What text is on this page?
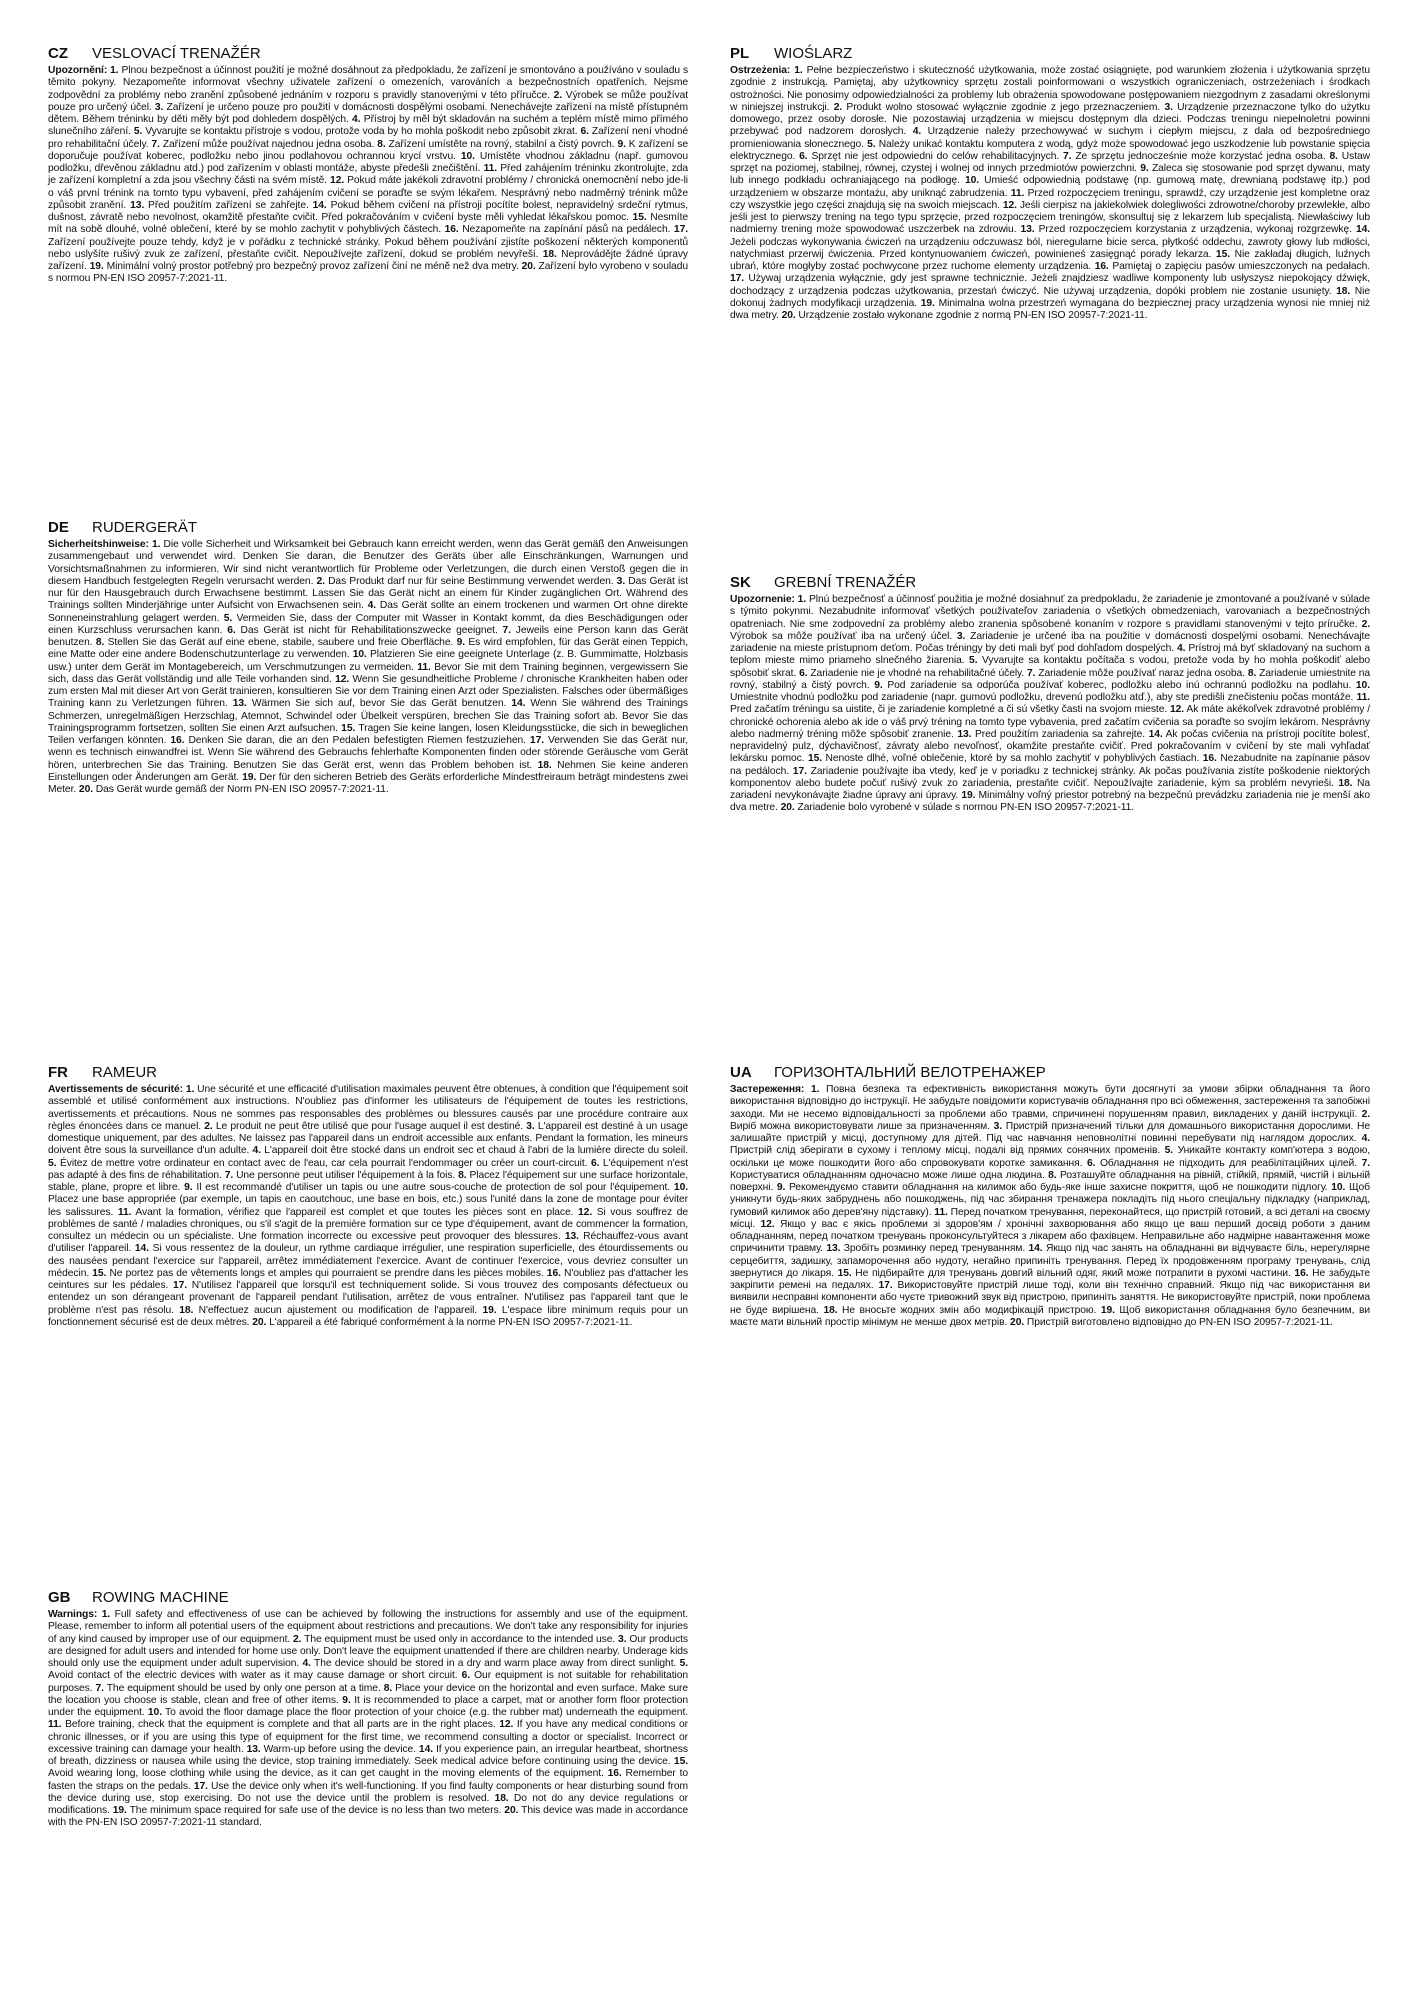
CZ VESLOVACÍ TRENAŽÉR

Upozornění: 1. Plnou bezpečnost a účinnost použití je možné dosáhnout za předpokladu, že zařízení je smontováno a používáno v souladu s těmito pokyny. Nezapomeňte informovat všechny uživatele zařízení o omezeních, varováních a bezpečnostních opatřeních. Nejsme zodpovědní za problémy nebo zranění způsobené jednáním v rozporu s pravidly stanovenými v této příručce. 2. Výrobek se může používat pouze pro určený účel. 3. Zařízení je určeno pouze pro použití v domácnosti dospělými osobami. Nenechávejte zařízení na místě přístupném dětem. Během tréninku by děti měly být pod dohledem dospělých. 4. Přístroj by měl být skladován na suchém a teplém místě mimo přímého slunečního záření. 5. Vyvarujte se kontaktu přístroje s vodou, protože voda by ho mohla poškodit nebo způsobit zkrat. 6. Zařízení není vhodné pro rehabilitační účely. 7. Zařízení může používat najednou jedna osoba. 8. Zařízení umístěte na rovný, stabilní a čistý povrch. 9. K zařízení se doporučuje používat koberec, podložku nebo jinou podlahovou ochrannou krycí vrstvu. 10. Umístěte vhodnou základnu (např. gumovou podložku, dřevěnou základnu atd.) pod zařízením v oblasti montáže, abyste předešli znečištění. 11. Před zahájením tréninku zkontrolujte, zda je zařízení kompletní a zda jsou všechny části na svém místě. 12. Pokud máte jakékoli zdravotní problémy / chronická onemocnění nebo jde-li o váš první trénink na tomto typu vybavení, před zahájením cvičení se poraďte se svým lékařem. Nesprávný nebo nadměrný trénink může způsobit zranění. 13. Před použitím zařízení se zahřejte. 14. Pokud během cvičení na přístroji pocítíte bolest, nepravidelný srdeční rytmus, dušnost, závratě nebo nevolnost, okamžitě přestaňte cvičit. Před pokračováním v cvičení byste měli vyhledat lékařskou pomoc. 15. Nesmíte mít na sobě dlouhé, volné oblečení, které by se mohlo zachytit v pohyblivých částech. 16. Nezapomeňte na zapínání pásů na pedálech. 17. Zařízení používejte pouze tehdy, když je v pořádku z technické stránky. Pokud během používání zjistíte poškození některých komponentů nebo uslyšíte rušivý zvuk ze zařízení, přestaňte cvičit. Nepoužívejte zařízení, dokud se problém nevyřeší. 18. Neprovádějte žádné úpravy zařízení. 19. Minimální volný prostor potřebný pro bezpečný provoz zařízení činí ne méně než dva metry. 20. Zařízení bylo vyrobeno v souladu s normou PN-EN ISO 20957-7:2021-11.

PL WIOŚLARZ

Ostrzeżenia: 1. Pełne bezpieczeństwo i skuteczność użytkowania, może zostać osiągnięte, pod warunkiem złożenia i użytkowania sprzętu zgodnie z instrukcją. Pamiętaj, aby użytkownicy sprzętu zostali poinformowani o wszystkich ograniczeniach, ostrzeżeniach i środkach ostrożności. Nie ponosimy odpowiedzialności za problemy lub obrażenia spowodowane postępowaniem niezgodnym z zasadami określonymi w niniejszej instrukcji. 2. Produkt wolno stosować wyłącznie zgodnie z jego przeznaczeniem. 3. Urządzenie przeznaczone tylko do użytku domowego, przez osoby dorosłe. Nie pozostawiaj urządzenia w miejscu dostępnym dla dzieci. Podczas treningu niepełnoletni powinni przebywać pod nadzorem dorosłych. 4. Urządzenie należy przechowywać w suchym i ciepłym miejscu, z dala od bezpośredniego promieniowania słonecznego. 5. Należy unikać kontaktu komputera z wodą, gdyż może spowodować jego uszkodzenie lub powstanie spięcia elektrycznego. 6. Sprzęt nie jest odpowiedni do celów rehabilitacyjnych. 7. Ze sprzętu jednocześnie może korzystać jedna osoba. 8. Ustaw sprzęt na poziomej, stabilnej, równej, czystej i wolnej od innych przedmiotów powierzchni. 9. Zaleca się stosowanie pod sprzęt dywanu, maty lub innego podkładu ochraniającego na podłogę. 10. Umieść odpowiednią podstawę (np. gumową matę, drewnianą podstawę itp.) pod urządzeniem w obszarze montażu, aby uniknąć zabrudzenia. 11. Przed rozpoczęciem treningu, sprawdź, czy urządzenie jest kompletne oraz czy wszystkie jego części znajdują się na swoich miejscach. 12. Jeśli cierpisz na jakiekolwiek dolegliwości zdrowotne/choroby przewlekłe, albo jeśli jest to pierwszy trening na tego typu sprzęcie, przed rozpoczęciem treningów, skonsultuj się z lekarzem lub specjalistą. Niewłaściwy lub nadmierny trening może spowodować uszczerbek na zdrowiu. 13. Przed rozpoczęciem korzystania z urządzenia, wykonaj rozgrzewkę. 14. Jeżeli podczas wykonywania ćwiczeń na urządzeniu odczuwasz ból, nieregularne bicie serca, płytkość oddechu, zawroty głowy lub mdłości, natychmiast przerwij ćwiczenia. Przed kontynuowaniem ćwiczeń, powinieneś zasięgnąć porady lekarza. 15. Nie zakładaj długich, luźnych ubrań, które mogłyby zostać pochwycone przez ruchome elementy urządzenia. 16. Pamiętaj o zapięciu pasów umieszczonych na pedałach. 17. Używaj urządzenia wyłącznie, gdy jest sprawne technicznie. Jeżeli znajdziesz wadliwe komponenty lub usłyszysz niepokojący dźwięk, dochodzący z urządzenia podczas użytkowania, przestań ćwiczyć. Nie używaj urządzenia, dopóki problem nie zostanie usunięty. 18. Nie dokonuj żadnych modyfikacji urządzenia. 19. Minimalna wolna przestrzeń wymagana do bezpiecznej pracy urządzenia wynosi nie mniej niż dwa metry. 20. Urządzenie zostało wykonane zgodnie z normą PN-EN ISO 20957-7:2021-11.

DE RUDERGERÄT

Sicherheitshinweise: 1. Die volle Sicherheit und Wirksamkeit bei Gebrauch kann erreicht werden, wenn das Gerät gemäß den Anweisungen zusammengebaut und verwendet wird. Denken Sie daran, die Benutzer des Geräts über alle Einschränkungen, Warnungen und Vorsichtsmaßnahmen zu informieren. Wir sind nicht verantwortlich für Probleme oder Verletzungen, die durch einen Verstoß gegen die in diesem Handbuch festgelegten Regeln verursacht werden. 2. Das Produkt darf nur für seine Bestimmung verwendet werden. 3. Das Gerät ist nur für den Hausgebrauch durch Erwachsene bestimmt. Lassen Sie das Gerät nicht an einem für Kinder zugänglichen Ort. Während des Trainings sollten Minderjährige unter Aufsicht von Erwachsenen sein. 4. Das Gerät sollte an einem trockenen und warmen Ort ohne direkte Sonneneinstrahlung gelagert werden. 5. Vermeiden Sie, dass der Computer mit Wasser in Kontakt kommt, da dies Beschädigungen oder einen Kurzschluss verursachen kann. 6. Das Gerät ist nicht für Rehabilitationszwecke geeignet. 7. Jeweils eine Person kann das Gerät benutzen. 8. Stellen Sie das Gerät auf eine ebene, stabile, saubere und freie Oberfläche. 9. Es wird empfohlen, für das Gerät einen Teppich, eine Matte oder eine andere Bodenschutzunterlage zu verwenden. 10. Platzieren Sie eine geeignete Unterlage (z. B. Gummimatte, Holzbasis usw.) unter dem Gerät im Montagebereich, um Verschmutzungen zu vermeiden. 11. Bevor Sie mit dem Training beginnen, vergewissern Sie sich, dass das Gerät vollständig und alle Teile vorhanden sind. 12. Wenn Sie gesundheitliche Probleme / chronische Krankheiten haben oder zum ersten Mal mit dieser Art von Gerät trainieren, konsultieren Sie vor dem Training einen Arzt oder Spezialisten. Falsches oder übermäßiges Training kann zu Verletzungen führen. 13. Wärmen Sie sich auf, bevor Sie das Gerät benutzen. 14. Wenn Sie während des Trainings Schmerzen, unregelmäßigen Herzschlag, Atemnot, Schwindel oder Übelkeit verspüren, brechen Sie das Training sofort ab. Bevor Sie das Trainingsprogramm fortsetzen, sollten Sie einen Arzt aufsuchen. 15. Tragen Sie keine langen, losen Kleidungsstücke, die sich in beweglichen Teilen verfangen könnten. 16. Denken Sie daran, die an den Pedalen befestigten Riemen festzuziehen. 17. Verwenden Sie das Gerät nur, wenn es technisch einwandfrei ist. Wenn Sie während des Gebrauchs fehlerhafte Komponenten finden oder störende Geräusche vom Gerät hören, unterbrechen Sie das Training. Benutzen Sie das Gerät erst, wenn das Problem behoben ist. 18. Nehmen Sie keine anderen Einstellungen oder Änderungen am Gerät. 19. Der für den sicheren Betrieb des Geräts erforderliche Mindestfreiraum beträgt mindestens zwei Meter. 20. Das Gerät wurde gemäß der Norm PN-EN ISO 20957-7:2021-11.

SK GREBNÍ TRENAŽÉR

Upozornenie: 1. Plnú bezpečnosť a účinnosť použitia je možné dosiahnuť za predpokladu, že zariadenie je zmontované a používané v súlade s týmito pokynmi. Nezabudnite informovať všetkých používateľov zariadenia o všetkých obmedzeniach, varovaniach a bezpečnostných opatreniach. Nie sme zodpovední za problémy alebo zranenia spôsobené konaním v rozpore s pravidlami stanovenými v tejto príručke. 2. Výrobok sa môže používať iba na určený účel. 3. Zariadenie je určené iba na použitie v domácnosti dospelými osobami. Nenechávajte zariadenie na mieste prístupnom deťom. Počas tréningy by deti mali byť pod dohľadom dospelých. 4. Prístroj má byť skladovaný na suchom a teplom mieste mimo priameho slnečného žiarenia. 5. Vyvarujte sa kontaktu počítača s vodou, pretože voda by ho mohla poškodiť alebo spôsobiť skrat. 6. Zariadenie nie je vhodné na rehabilitačné účely. 7. Zariadenie môže používať naraz jedna osoba. 8. Zariadenie umiestnite na rovný, stabilný a čistý povrch. 9. Pod zariadenie sa odporúča používať koberec, podložku alebo inú ochrannú podložku na podlahu. 10. Umiestnite vhodnú podložku pod zariadenie (napr. gumovú podložku, drevenú podložku atď.), aby ste predišli znečisteniu počas montáže. 11. Pred začatím tréningu sa uistite, či je zariadenie kompletné a či sú všetky časti na svojom mieste. 12. Ak máte akékoľvek zdravotné problémy / chronické ochorenia alebo ak ide o váš prvý tréning na tomto type vybavenia, pred začatím cvičenia sa poraďte so svojím lekárom. Nesprávny alebo nadmerný tréning môže spôsobiť zranenie. 13. Pred použitím zariadenia sa zahrejte. 14. Ak počas cvičenia na prístroji pocítite bolesť, nepravidelný pulz, dýchavičnosť, závraty alebo nevoľnosť, okamžite prestaňte cvičiť. Pred pokračovaním v cvičení by ste mali vyhľadať lekársku pomoc. 15. Nenoste dlhé, voľné oblečenie, ktoré by sa mohlo zachytiť v pohyblivých častiach. 16. Nezabudnite na zapínanie pásov na pedáloch. 17. Zariadenie používajte iba vtedy, keď je v poriadku z technickej stránky. Ak počas používania zistíte poškodenie niektorých komponentov alebo budete počuť rušivý zvuk zo zariadenia, prestaňte cvičiť. Nepoužívajte zariadenie, kým sa problém nevyrieši. 18. Na zariadení nevykonávajte žiadne úpravy ani úpravy. 19. Minimálny voľný priestor potrebný na bezpečnú prevádzku zariadenia nie je menší ako dva metre. 20. Zariadenie bolo vyrobené v súlade s normou PN-EN ISO 20957-7:2021-11.

FR RAMEUR

Avertissements de sécurité: 1. Une sécurité et une efficacité d'utilisation maximales peuvent être obtenues, à condition que l'équipement soit assemblé et utilisé conformément aux instructions. N'oubliez pas d'informer les utilisateurs de l'équipement de toutes les restrictions, avertissements et précautions. Nous ne sommes pas responsables des problèmes ou blessures causés par une procédure contraire aux règles énoncées dans ce manuel. 2. Le produit ne peut être utilisé que pour l'usage auquel il est destiné. 3. L'appareil est destiné à un usage domestique uniquement, par des adultes. Ne laissez pas l'appareil dans un endroit accessible aux enfants. Pendant la formation, les mineurs doivent être sous la surveillance d'un adulte. 4. L'appareil doit être stocké dans un endroit sec et chaud à l'abri de la lumière directe du soleil. 5. Évitez de mettre votre ordinateur en contact avec de l'eau, car cela pourrait l'endommager ou créer un court-circuit. 6. L'équipement n'est pas adapté à des fins de réhabilitation. 7. Une personne peut utiliser l'équipement à la fois. 8. Placez l'équipement sur une surface horizontale, stable, plane, propre et libre. 9. Il est recommandé d'utiliser un tapis ou une autre sous-couche de protection de sol pour l'équipement. 10. Placez une base appropriée (par exemple, un tapis en caoutchouc, une base en bois, etc.) sous l'unité dans la zone de montage pour éviter les salissures. 11. Avant la formation, vérifiez que l'appareil est complet et que toutes les pièces sont en place. 12. Si vous souffrez de problèmes de santé / maladies chroniques, ou s'il s'agit de la première formation sur ce type d'équipement, avant de commencer la formation, consultez un médecin ou un spécialiste. Une formation incorrecte ou excessive peut provoquer des blessures. 13. Réchauffez-vous avant d'utiliser l'appareil. 14. Si vous ressentez de la douleur, un rythme cardiaque irrégulier, une respiration superficielle, des étourdissements ou des nausées pendant l'exercice sur l'appareil, arrêtez immédiatement l'exercice. Avant de continuer l'exercice, vous devriez consulter un médecin. 15. Ne portez pas de vêtements longs et amples qui pourraient se prendre dans les pièces mobiles. 16. N'oubliez pas d'attacher les ceintures sur les pédales. 17. N'utilisez l'appareil que lorsqu'il est techniquement solide. Si vous trouvez des composants défectueux ou entendez un son dérangeant provenant de l'appareil pendant l'utilisation, arrêtez de vous entraîner. N'utilisez pas l'appareil tant que le problème n'est pas résolu. 18. N'effectuez aucun ajustement ou modification de l'appareil. 19. L'espace libre minimum requis pour un fonctionnement sécurisé est de deux mètres. 20. L'appareil a été fabriqué conformément à la norme PN-EN ISO 20957-7:2021-11.

UA ГОРИЗОНТАЛЬНИЙ ВЕЛОТРЕНАЖЕР

Застереження: 1. Повна безпека та ефективність використання можуть бути досягнуті за умови збірки обладнання та його використання відповідно до інструкції. Не забудьте повідомити користувачів обладнання про всі обмеження, застереження та запобіжні заходи. Ми не несемо відповідальності за проблеми або травми, спричинені порушенням правил, викладених у даній інструкції. 2. Виріб можна використовувати лише за призначенням. 3. Пристрій призначений тільки для домашнього використання дорослими. Не залишайте пристрій у місці, доступному для дітей. Під час навчання неповнолітні повинні перебувати під наглядом дорослих. 4. Пристрій слід зберігати в сухому і теплому місці, подалі від прямих сонячних променів. 5. Уникайте контакту комп'ютера з водою, оскільки це може пошкодити його або спровокувати коротке замикання. 6. Обладнання не підходить для реабілітаційних цілей. 7. Користуватися обладнанням одночасно може лише одна людина. 8. Розташуйте обладнання на рівній, стійкій, прямій, чистій і вільній поверхні. 9. Рекомендуємо ставити обладнання на килимок або будь-яке інше захисне покриття, щоб не пошкодити підлогу. 10. Щоб уникнути будь-яких забруднень або пошкоджень, під час збирання тренажера покладіть під нього спеціальну підкладку (наприклад, гумовий килимок або дерев'яну підставку). 11. Перед початком тренування, переконайтеся, що пристрій готовий, а всі деталі на своєму місці. 12. Якщо у вас є якісь проблеми зі здоров'ям / хронічні захворювання або якщо це ваш перший досвід роботи з даним обладнанням, перед початком тренувань проконсультуйтеся з лікарем або фахівцем. Неправильне або надмірне навантаження може спричинити травму. 13. Зробіть розминку перед тренуванням. 14. Якщо під час занять на обладнанні ви відчуваєте біль, нерегулярне серцебиття, задишку, запаморочення або нудоту, негайно припиніть тренування. Перед їх продовженням програму тренувань, слід звернутися до лікаря. 15. Не підбирайте для тренувань довгий вільний одяг, який може потрапити в рухомі частини. 16. Не забудьте закріпити ремені на педалях. 17. Використовуйте пристрій лише тоді, коли він технічно справний. Якщо під час використання ви виявили несправні компоненти або чуєте тривожний звук від пристрою, припиніть заняття. Не використовуйте пристрій, поки проблема не буде вирішена. 18. Не вносьте жодних змін або модифікацій пристрою. 19. Щоб використання обладнання було безпечним, ви маєте мати вільний простір мінімум не менше двох метрів. 20. Пристрій виготовлено відповідно до PN-EN ISO 20957-7:2021-11.

GB ROWING MACHINE

Warnings: 1. Full safety and effectiveness of use can be achieved by following the instructions for assembly and use of the equipment. Please, remember to inform all potential users of the equipment about restrictions and precautions. We don't take any responsibility for injuries of any kind caused by improper use of our equipment. 2. The equipment must be used only in accordance to the intended use. 3. Our products are designed for adult users and intended for home use only. Don't leave the equipment unattended if there are children nearby. Underage kids should only use the equipment under adult supervision. 4. The device should be stored in a dry and warm place away from direct sunlight. 5. Avoid contact of the electric devices with water as it may cause damage or short circuit. 6. Our equipment is not suitable for rehabilitation purposes. 7. The equipment should be used by only one person at a time. 8. Place your device on the horizontal and even surface. Make sure the location you choose is stable, clean and free of other items. 9. It is recommended to place a carpet, mat or another form floor protection under the equipment. 10. To avoid the floor damage place the floor protection of your choice (e.g. the rubber mat) underneath the equipment. 11. Before training, check that the equipment is complete and that all parts are in the right places. 12. If you have any medical conditions or chronic illnesses, or if you are using this type of equipment for the first time, we recommend consulting a doctor or specialist. Incorrect or excessive training can damage your health. 13. Warm-up before using the device. 14. If you experience pain, an irregular heartbeat, shortness of breath, dizziness or nausea while using the device, stop training immediately. Seek medical advice before continuing using the device. 15. Avoid wearing long, loose clothing while using the device, as it can get caught in the moving elements of the equipment. 16. Remember to fasten the straps on the pedals. 17. Use the device only when it's well-functioning. If you find faulty components or hear disturbing sound from the device during use, stop exercising. Do not use the device until the problem is resolved. 18. Do not do any device regulations or modifications. 19. The minimum space required for safe use of the device is no less than two meters. 20. This device was made in accordance with the PN-EN ISO 20957-7:2021-11 standard.
